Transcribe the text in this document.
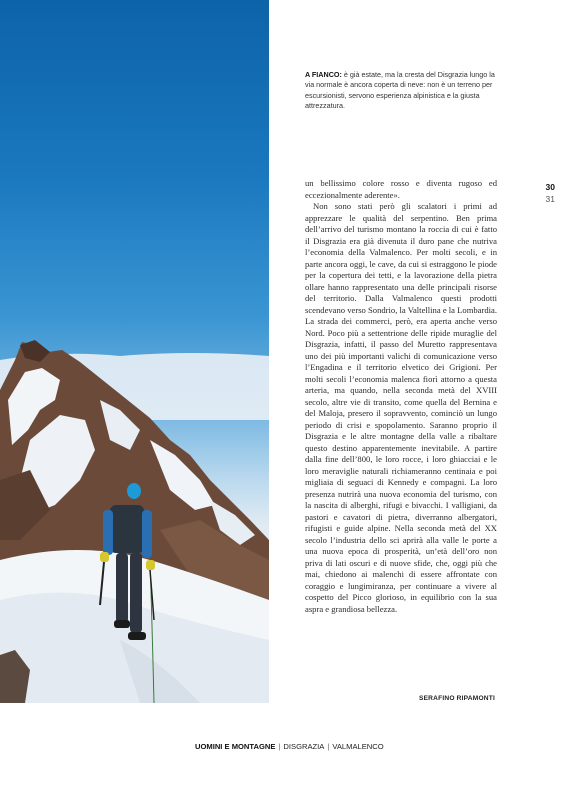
A FIANCO: è già estate, ma la cresta del Disgrazia lungo la via normale è ancora coperta di neve: non è un terreno per escursionisti, servono esperienza alpinistica e la giusta attrezzatura.
30
31

un bellissimo colore rosso e diventa rugoso ed eccezionalmente aderente».

Non sono stati però gli scalatori i primi ad apprezzare le qualità del serpentino. Ben prima dell’arrivo del turismo montano la roccia di cui è fatto il Disgrazia era già divenuta il duro pane che nutriva l’economia della Valmalenco. Per molti secoli, e in parte ancora oggi, le cave, da cui si estraggono le piode per la copertura dei tetti, e la lavorazione della pietra ollare hanno rappresentato una delle principali risorse del territorio. Dalla Valmalenco questi prodotti scendevano verso Sondrio, la Valtellina e la Lombardia. La strada dei commerci, però, era aperta anche verso Nord. Poco più a settentrione delle ripide muraglie del Disgrazia, infatti, il passo del Muretto rappresentava uno dei più importanti valichi di comunicazione verso l’Engadina e il territorio elvetico dei Grigioni. Per molti secoli l’economia malenca fiorì attorno a questa arteria, ma quando, nella seconda metà del XVIII secolo, altre vie di transito, come quella del Bernina e del Maloja, presero il sopravvento, cominciò un lungo periodo di crisi e spopolamento. Saranno proprio il Disgrazia e le altre montagne della valle a ribaltare questo destino apparentemente inevitabile. A partire dalla fine dell’800, le loro rocce, i loro ghiacciai e le loro meraviglie naturali richiameranno centinaia e poi migliaia di seguaci di Kennedy e compagni. La loro presenza nutrirà una nuova economia del turismo, con la nascita di alberghi, rifugi e bivacchi. I valligiani, da pastori e cavatori di pietra, diverranno albergatori, rifugisti e guide alpine. Nella seconda metà del XX secolo l’industria dello sci aprirà alla valle le porte a una nuova epoca di prosperità, un’età dell’oro non priva di lati oscuri e di nuove sfide, che, oggi più che mai, chiedono ai malenchi di essere affrontate con coraggio e lungimiranza, per continuare a vivere al cospetto del Picco glorioso, in equilibrio con la sua aspra e grandiosa bellezza.

SERAFINO RIPAMONTI
UOMINI E MONTAGNE | DISGRAZIA | VALMALENCO
